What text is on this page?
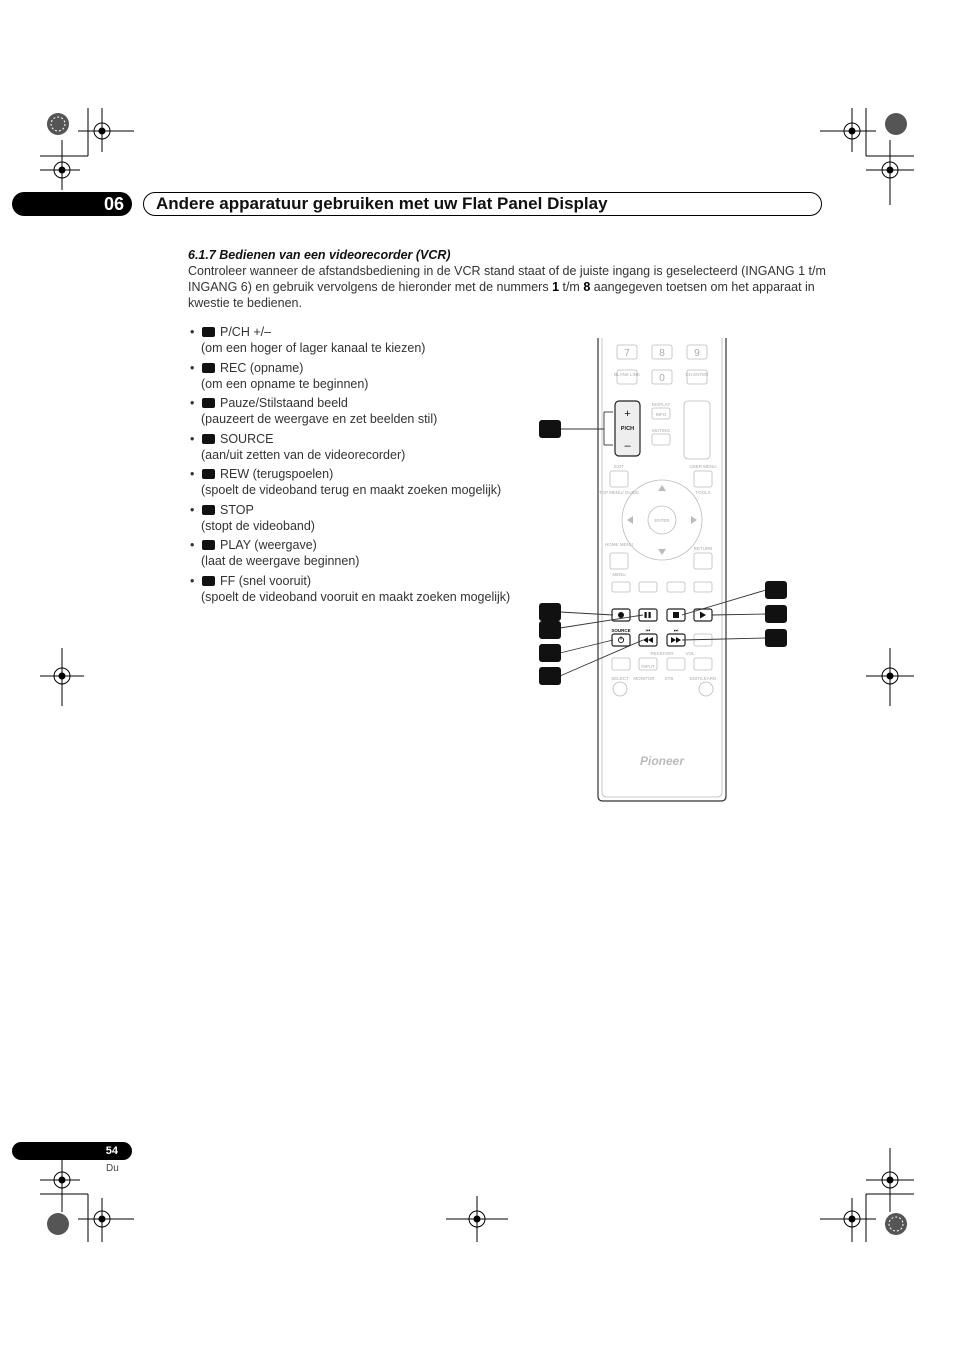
06	Andere apparatuur gebruiken met uw Flat Panel Display
6.1.7 Bedienen van een videorecorder (VCR)
Controleer wanneer de afstandsbediening in de VCR stand staat of de juiste ingang is geselecteerd (INGANG 1 t/m INGANG 6) en gebruik vervolgens de hieronder met de nummers 1 t/m 8 aangegeven toetsen om het apparaat in kwestie te bedienen.
• P/CH +/–
(om een hoger of lager kanaal te kiezen)
• REC (opname)
(om een opname te beginnen)
• Pauze/Stilstaand beeld
(pauzeert de weergave en zet beelden stil)
• SOURCE
(aan/uit zetten van de videorecorder)
• REW (terugspoelen)
(spoelt de videoband terug en maakt zoeken mogelijk)
• STOP
(stopt de videoband)
• PLAY (weergave)
(laat de weergave beginnen)
• FF (snel vooruit)
(spoelt de videoband vooruit en maakt zoeken mogelijk)
7	8	9
0
BLANK LINK	CH ENTER
DISPLAY
INFO
MUTING
EXIT	USER MENU
TOP MENU/ GUIDE	TOOLS
ENTER
HOME MENU
RETURN
MENU
RECEIVER	VOL
INPUT
SELECT MONITOR STB	EDIT/LEARN
+
P/CH
–
SOURCE	⏮	⏭
Pioneer
54
Du
